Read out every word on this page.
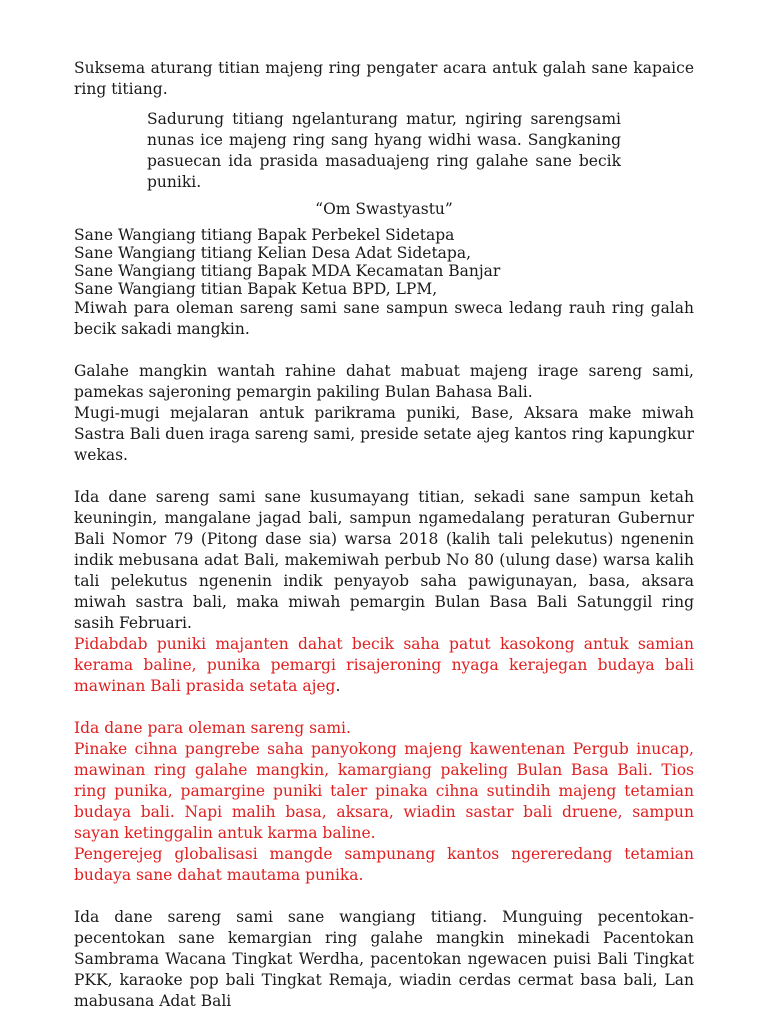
Suksema aturang titian majeng ring pengater acara antuk galah sane kapaice ring titiang.

Sadurung titiang ngelanturang matur, ngiring sarengsami nunas ice majeng ring sang hyang widhi wasa. Sangkaning pasuecan ida prasida masaduajeng ring galahe sane becik puniki.

“Om Swastyastu”

Sane Wangiang titiang Bapak Perbekel Sidetapa
Sane Wangiang titiang Kelian Desa Adat Sidetapa,
Sane Wangiang titiang Bapak MDA Kecamatan Banjar
Sane Wangiang titian Bapak Ketua BPD, LPM,

Miwah para oleman sareng sami sane sampun sweca ledang rauh ring galah becik sakadi mangkin.

Galahe mangkin wantah rahine dahat mabuat majeng irage sareng sami, pamekas sajeroning pemargin pakiling Bulan Bahasa Bali.

Mugi-mugi mejalaran antuk parikrama puniki, Base, Aksara make miwah Sastra Bali duen iraga sareng sami, preside setate ajeg kantos ring kapungkur wekas.

Ida dane sareng sami sane kusumayang titian, sekadi sane sampun ketah keuningin, mangalane jagad bali, sampun ngamedalang peraturan Gubernur Bali Nomor 79 (Pitong dase sia) warsa 2018 (kalih tali pelekutus) ngenenin indik mebusana adat Bali, makemiwah perbub No 80 (ulung dase) warsa kalih tali pelekutus ngenenin indik penyayob saha pawigunayan, basa, aksara miwah sastra bali, maka miwah pemargin Bulan Basa Bali Satunggil ring sasih Februari.

Pidabdab puniki majanten dahat becik saha patut kasokong antuk samian kerama baline, punika pemargi risajeroning nyaga kerajegan budaya bali mawinan Bali prasida setata ajeg.

Ida dane para oleman sareng sami.

Pinake cihna pangrebe saha panyokong majeng kawentenan Pergub inucap, mawinan ring galahe mangkin, kamargiang pakeling Bulan Basa Bali. Tios ring punika, pamargine puniki taler pinaka cihna sutindih majeng tetamian budaya bali. Napi malih basa, aksara, wiadin sastar bali druene, sampun sayan ketinggalin antuk karma baline.

Pengerejeg globalisasi mangde sampunang kantos ngereredang tetamian budaya sane dahat mautama punika.

Ida dane sareng sami sane wangiang titiang. Munguing pecentokan-pecentokan sane kemargian ring galahe mangkin minekadi Pacentokan Sambrama Wacana Tingkat Werdha, pacentokan ngewacen puisi Bali Tingkat PKK, karaoke pop bali Tingkat Remaja, wiadin cerdas cermat basa bali, Lan mabusana Adat Bali
